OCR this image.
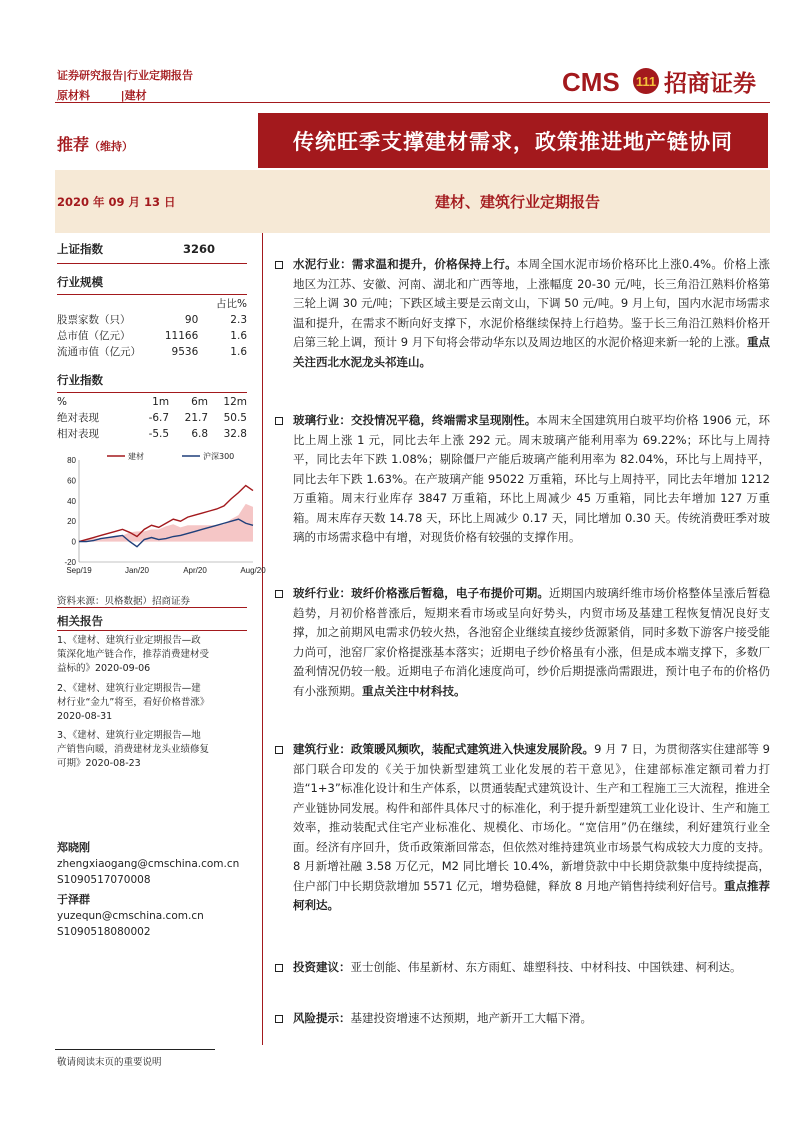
证券研究报告|行业定期报告
原材料        |建材	CMS 111 招商证券
推荐（维持）	传统旺季支撑建材需求，政策推进地产链协同
2020 年 09 月 13 日	建材、建筑行业定期报告
上证指数	3260
行业规模
占比%
股票家数（只）	90	2.3
总市值（亿元）	11166	1.6
流通市值（亿元）	9536	1.6
行业指数
%	1m	6m	12m
绝对表现	-6.7	21.7	50.5
相对表现	-5.5	6.8	32.8
80
60
40
20
0
-20
Sep/19	Jan/20	Apr/20	Aug/20
建材	沪深300
资料来源：贝格数据）招商证券
相关报告
1、《建材、建筑行业定期报告—政
策深化地产链合作，推荐消费建材受
益标的》2020-09-06
2、《建材、建筑行业定期报告—建
材行业“金九”将至，看好价格普涨》
2020-08-31
3、《建材、建筑行业定期报告—地
产销售向暖，消费建材龙头业绩修复
可期》2020-08-23
郑晓刚
zhengxiaogang@cmschina.com.cn
S1090517070008
于泽群
yuzequn@cmschina.com.cn
S1090518080002

水泥行业：需求温和提升，价格保持上行。本周全国水泥市场价格环比上涨0.4%。价格上涨地区为江苏、安徽、河南、湖北和广西等地，上涨幅度 20-30 元/吨，长三角沿江熟料价格第三轮上调 30 元/吨；下跌区域主要是云南文山，下调 50 元/吨。9 月上旬，国内水泥市场需求温和提升，在需求不断向好支撑下，水泥价格继续保持上行趋势。鉴于长三角沿江熟料价格开启第三轮上调，预计 9 月下旬将会带动华东以及周边地区的水泥价格迎来新一轮的上涨。重点关注西北水泥龙头祁连山。

玻璃行业：交投情况平稳，终端需求呈现刚性。本周末全国建筑用白玻平均价格 1906 元，环比上周上涨 1 元，同比去年上涨 292 元。周末玻璃产能利用率为 69.22%；环比与上周持平，同比去年下跌 1.08%；剔除僵尸产能后玻璃产能利用率为 82.04%，环比与上周持平，同比去年下跌 1.63%。在产玻璃产能 95022 万重箱，环比与上周持平，同比去年增加 1212 万重箱。周末行业库存 3847 万重箱，环比上周减少 45 万重箱，同比去年增加 127 万重箱。周末库存天数 14.78 天，环比上周减少 0.17 天，同比增加 0.30 天。传统消费旺季对玻璃的市场需求稳中有增，对现货价格有较强的支撑作用。

玻纤行业：玻纤价格涨后暂稳，电子布提价可期。近期国内玻璃纤维市场价格整体呈涨后暂稳趋势，月初价格普涨后，短期来看市场或呈向好势头，内贸市场及基建工程恢复情况良好支撑，加之前期风电需求仍较火热，各池窑企业继续直接纱货源紧俏，同时多数下游客户接受能力尚可，池窑厂家价格提涨基本落实；近期电子纱价格虽有小涨，但是成本端支撑下，多数厂盈利情况仍较一般。近期电子布消化速度尚可，纱价后期提涨尚需跟进，预计电子布的价格仍有小涨预期。重点关注中材科技。

建筑行业：政策暖风频吹，装配式建筑进入快速发展阶段。9 月 7 日，为贯彻落实住建部等 9 部门联合印发的《关于加快新型建筑工业化发展的若干意见》，住建部标准定额司着力打造“1+3”标准化设计和生产体系，以贯通装配式建筑设计、生产和工程施工三大流程，推进全产业链协同发展。构件和部件具体尺寸的标准化，利于提升新型建筑工业化设计、生产和施工效率，推动装配式住宅产业标准化、规模化、市场化。“宽信用”仍在继续，利好建筑行业全面。经济有序回升，货币政策渐回常态，但依然对维持建筑业市场景气构成较大力度的支持。8 月新增社融 3.58 万亿元，M2 同比增长 10.4%，新增贷款中中长期贷款集中度持续提高，住户部门中长期贷款增加 5571 亿元，增势稳健，释放 8 月地产销售持续利好信号。重点推荐柯利达。

投资建议：亚士创能、伟星新材、东方雨虹、雄塑科技、中材科技、中国铁建、柯利达。

风险提示：基建投资增速不达预期，地产新开工大幅下滑。

敬请阅读末页的重要说明
